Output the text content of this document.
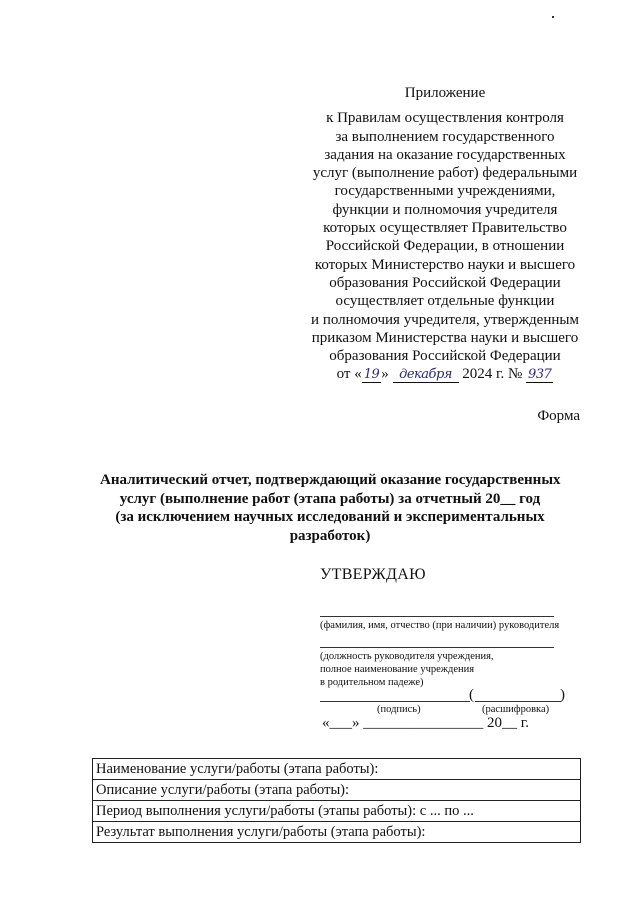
Приложение
к Правилам осуществления контроля
за выполнением государственного
задания на оказание государственных
услуг (выполнение работ) федеральными
государственными учреждениями,
функции и полномочия учредителя
которых осуществляет Правительство
Российской Федерации, в отношении
которых Министерство науки и высшего
образования Российской Федерации
осуществляет отдельные функции
и полномочия учредителя, утвержденным
приказом Министерства науки и высшего
образования Российской Федерации
от « 19 » декабря 2024 г. № 937
Форма
Аналитический отчет, подтверждающий оказание государственных
услуг (выполнение работ (этапа работы) за отчетный 20__ год
(за исключением научных исследований и экспериментальных
разработок)
УТВЕРЖДАЮ
(фамилия, имя, отчество (при наличии) руководителя
(должность руководителя учреждения,
полное наименование учреждения
в родительном падеже)
(	)
(подпись)	(расшифровка)
«___» ________________ 20__ г.
Наименование услуги/работы (этапа работы):
Описание услуги/работы (этапа работы):
Период выполнения услуги/работы (этапы работы): с ... по ...
Результат выполнения услуги/работы (этапа работы):
